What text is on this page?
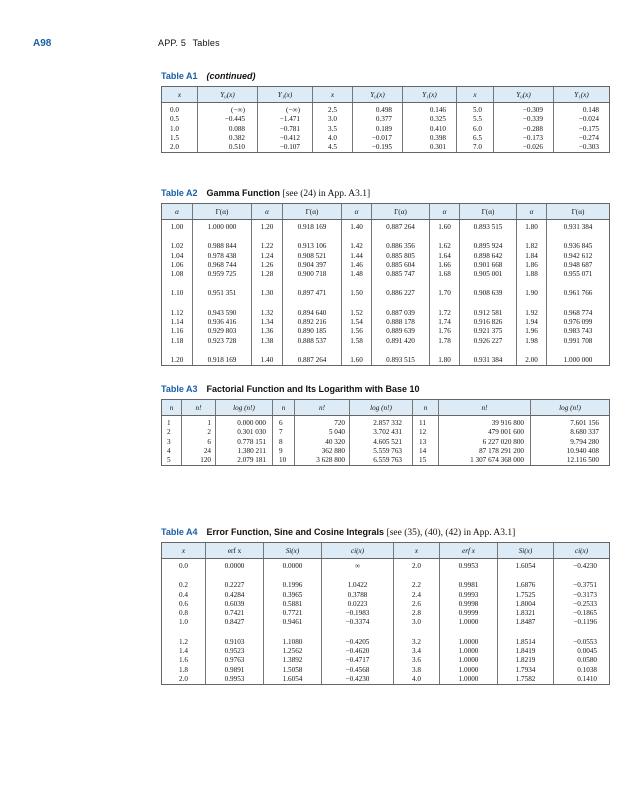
A98	APP. 5 Tables
Table A1 (continued)
x	Y₀(x)	Y₁(x)	x	Y₀(x)	Y₁(x)	x	Y₀(x)	Y₁(x)
0.0	(−∞)	(−∞)	2.5	0.498	0.146	5.0	−0.309	0.148
0.5	−0.445	−1.471	3.0	0.377	0.325	5.5	−0.339	−0.024
1.0	0.088	−0.781	3.5	0.189	0.410	6.0	−0.288	−0.175
1.5	0.382	−0.412	4.0	−0.017	0.398	6.5	−0.173	−0.274
2.0	0.510	−0.107	4.5	−0.195	0.301	7.0	−0.026	−0.303
Table A2 Gamma Function [see (24) in App. A3.1]
α	Γ(α)	α	Γ(α)	α	Γ(α)	α	Γ(α)	α	Γ(α)
1.00	1.000 000	1.20	0.918 169	1.40	0.887 264	1.60	0.893 515	1.80	0.931 384
1.02	0.988 844	1.22	0.913 106	1.42	0.886 356	1.62	0.895 924	1.82	0.936 845
1.04	0.978 438	1.24	0.908 521	1.44	0.885 805	1.64	0.898 642	1.84	0.942 612
1.06	0.968 744	1.26	0.904 397	1.46	0.885 604	1.66	0.901 668	1.86	0.948 687
1.08	0.959 725	1.28	0.900 718	1.48	0.885 747	1.68	0.905 001	1.88	0.955 071
1.10	0.951 351	1.30	0.897 471	1.50	0.886 227	1.70	0.908 639	1.90	0.961 766
1.12	0.943 590	1.32	0.894 640	1.52	0.887 039	1.72	0.912 581	1.92	0.968 774
1.14	0.936 416	1.34	0.892 216	1.54	0.888 178	1.74	0.916 826	1.94	0.976 099
1.16	0.929 803	1.36	0.890 185	1.56	0.889 639	1.76	0.921 375	1.96	0.983 743
1.18	0.923 728	1.38	0.888 537	1.58	0.891 420	1.78	0.926 227	1.98	0.991 708
1.20	0.918 169	1.40	0.887 264	1.60	0.893 515	1.80	0.931 384	2.00	1.000 000
Table A3 Factorial Function and Its Logarithm with Base 10
n	n!	log (n!)	n	n!	log (n!)	n	n!	log (n!)
1	1	0.000 000	6	720	2.857 332	11	39 916 800	7.601 156
2	2	0.301 030	7	5 040	3.702 431	12	479 001 600	8.680 337
3	6	0.778 151	8	40 320	4.605 521	13	6 227 020 800	9.794 280
4	24	1.380 211	9	362 880	5.559 763	14	87 178 291 200	10.940 408
5	120	2.079 181	10	3 628 800	6.559 763	15	1 307 674 368 000	12.116 500
Table A4 Error Function, Sine and Cosine Integrals [see (35), (40), (42) in App. A3.1]
x	erf x	Si(x)	ci(x)	x	erf x	Si(x)	ci(x)
0.0	0.0000	0.0000	∞	2.0	0.9953	1.6054	−0.4230
0.2	0.2227	0.1996	1.0422	2.2	0.9981	1.6876	−0.3751
0.4	0.4284	0.3965	0.3788	2.4	0.9993	1.7525	−0.3173
0.6	0.6039	0.5881	0.0223	2.6	0.9998	1.8004	−0.2533
0.8	0.7421	0.7721	−0.1983	2.8	0.9999	1.8321	−0.1865
1.0	0.8427	0.9461	−0.3374	3.0	1.0000	1.8487	−0.1196
1.2	0.9103	1.1080	−0.4205	3.2	1.0000	1.8514	−0.0553
1.4	0.9523	1.2562	−0.4620	3.4	1.0000	1.8419	0.0045
1.6	0.9763	1.3892	−0.4717	3.6	1.0000	1.8219	0.0580
1.8	0.9891	1.5058	−0.4568	3.8	1.0000	1.7934	0.1038
2.0	0.9953	1.6054	−0.4230	4.0	1.0000	1.7582	0.1410
